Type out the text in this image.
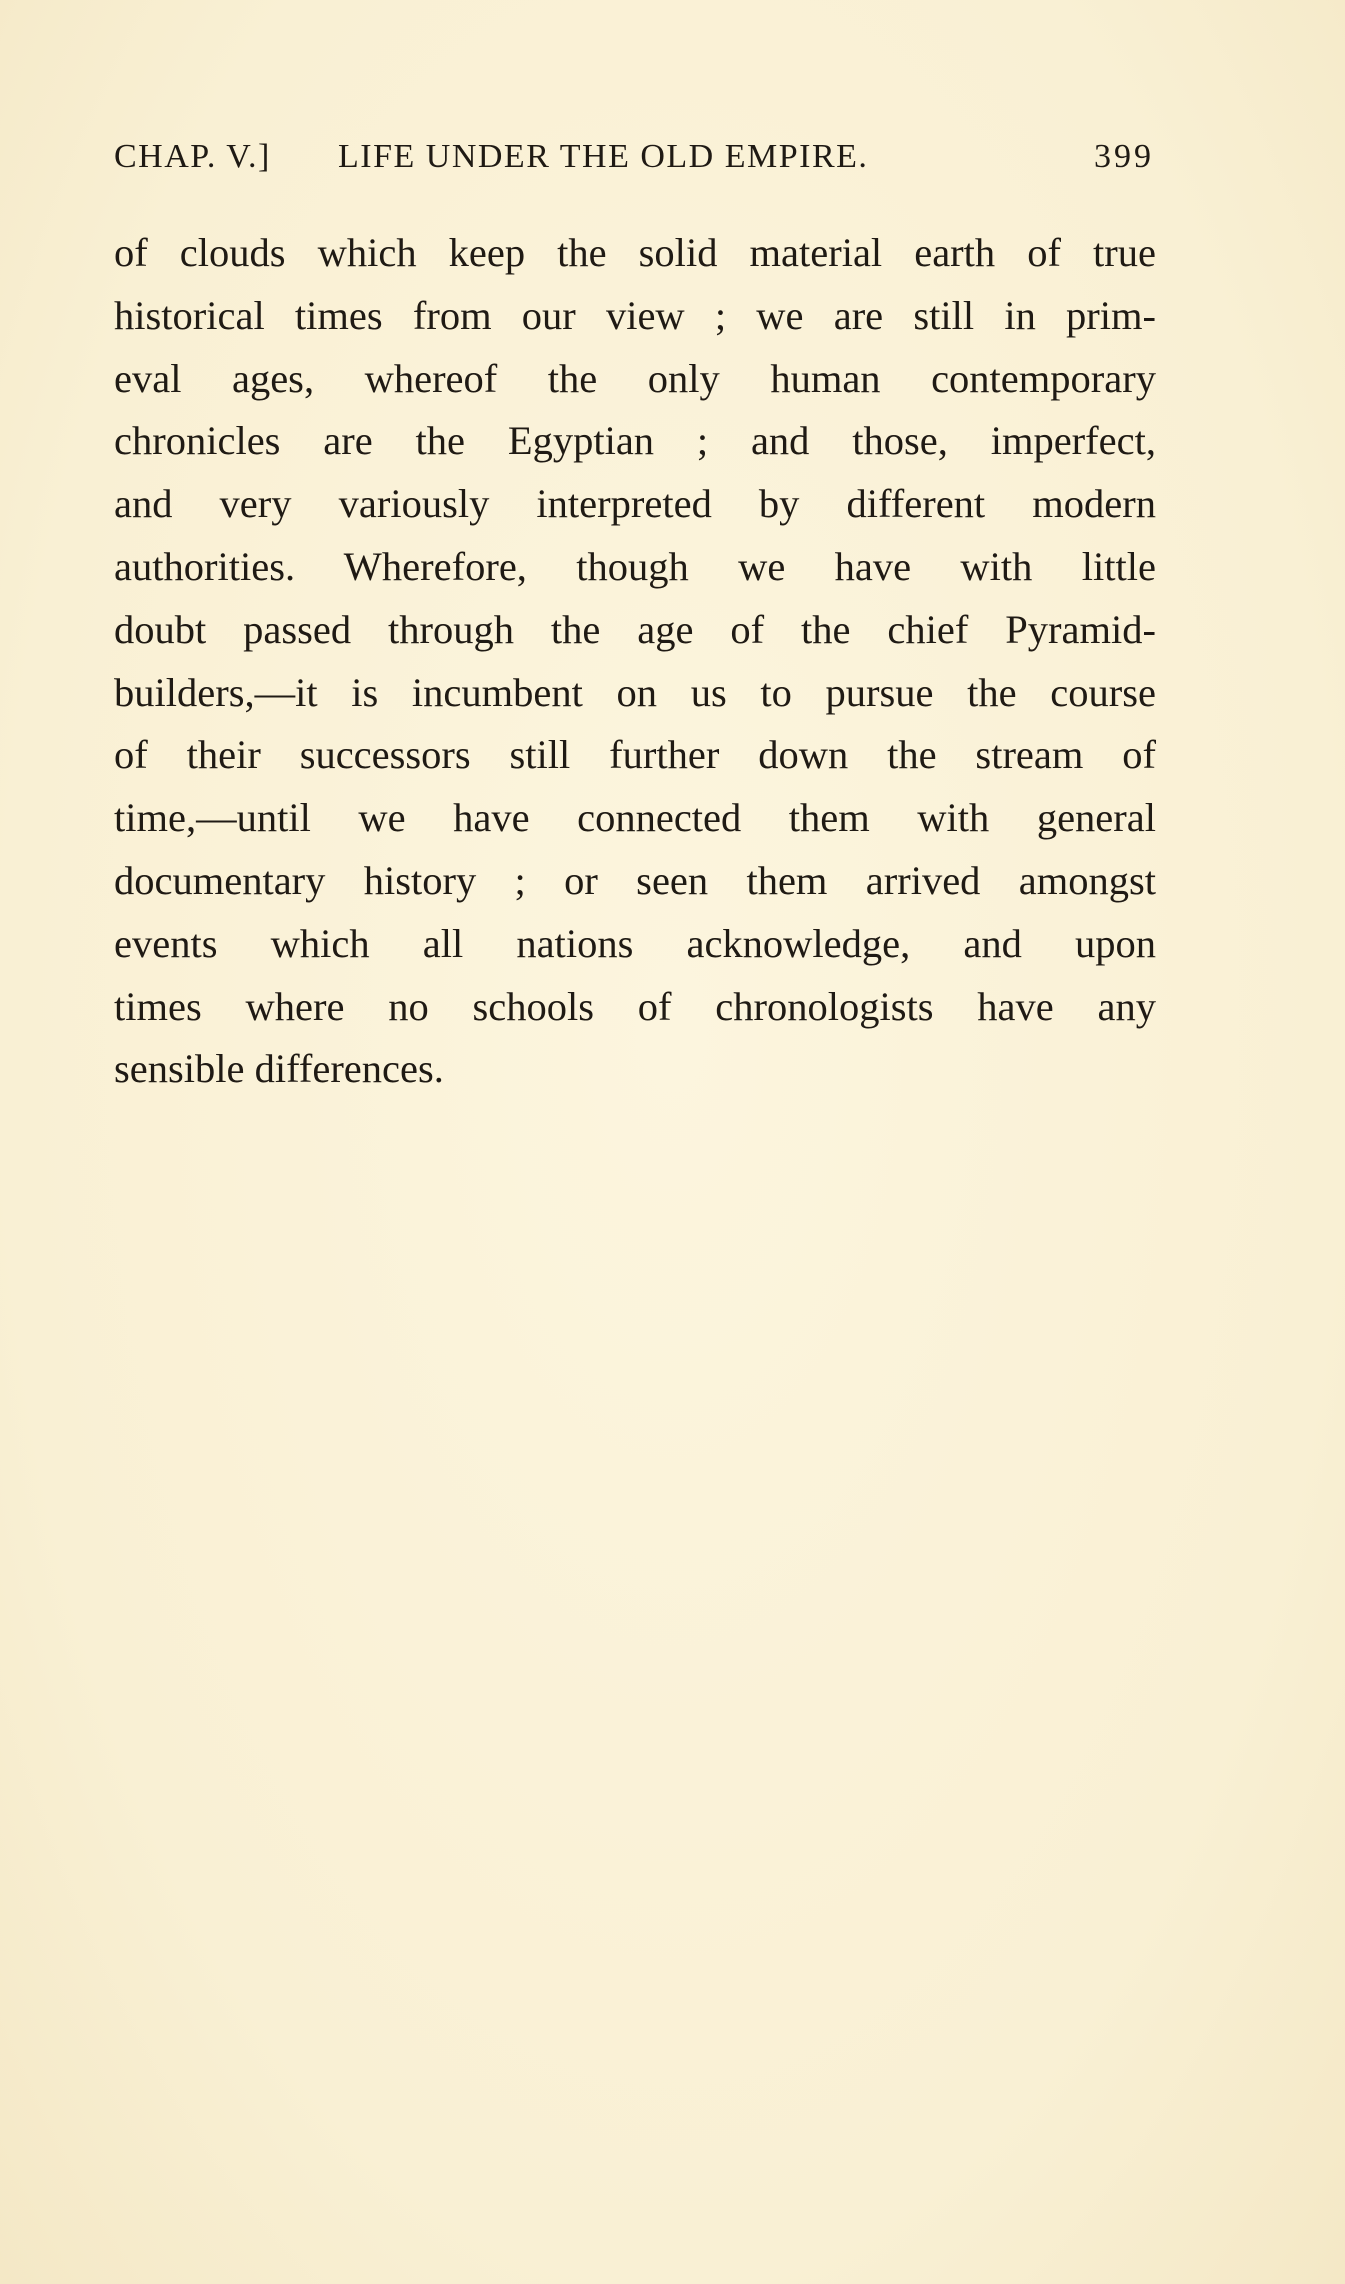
CHAP. V.] LIFE UNDER THE OLD EMPIRE.	399
of clouds which keep the solid material earth of true
historical times from our view ; we are still in prim-
eval ages, whereof the only human contemporary
chronicles are the Egyptian ; and those, imperfect,
and very variously interpreted by different modern
authorities. Wherefore, though we have with little
doubt passed through the age of the chief Pyramid-
builders,—it is incumbent on us to pursue the course
of their successors still further down the stream of
time,—until we have connected them with general
documentary history ; or seen them arrived amongst
events which all nations acknowledge, and upon
times where no schools of chronologists have any
sensible differences.
